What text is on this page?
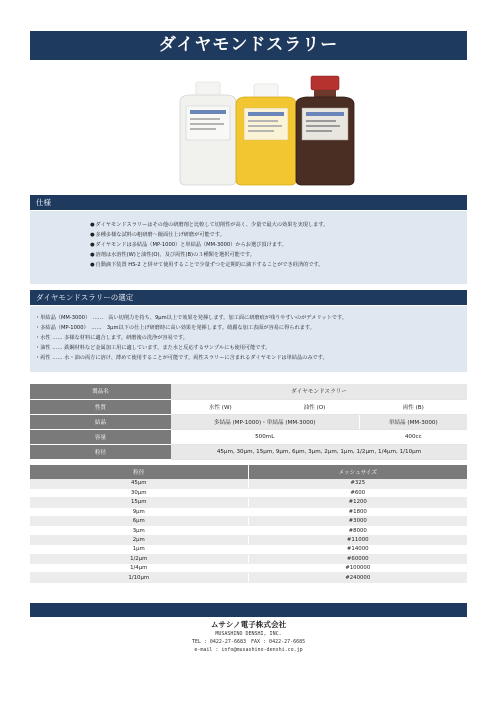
ダイヤモンドスラリー
仕様
●ダイヤモンドスラリーはその他の研磨剤と比較して切削性が高く、少量で最大の効果を実現します。
●多種多様な試料の粗研磨～鏡面仕上げ研磨が可能です。
●ダイヤモンドは多結晶（MP-1000）と単結晶（MM-3000）からお選び頂けます。
●溶剤は水溶性(W)と油性(O)、及び両性(B)の３種類を選択可能です。
●自動滴下装置 HS-2 と併せて使用することで少量ずつを定期的に滴下することができ経済的です。
ダイヤモンドスラリーの選定
・単結晶（MM-3000）　……　高い切削力を持ち、9μm以上で効果を発揮します。加工面に研磨痕が残りやすいのがデメリットです。
・多結晶（MP-1000）　……　3μm以下の仕上げ研磨時に高い効果を発揮します。綺麗な加工表面が容易に得られます。
・水性 …… 多様な材料に適合します。研磨後の洗浄が容易です。
・油性 …… 鉄鋼材料など金属加工用に適しています。また水と反応するサンプルにも使用可能です。
・両性 …… 水・油の両方に溶け、薄めて使用することが可能です。両性スラリーに含まれるダイヤモンドは単結晶のみです。
製品名	ダイヤモンドスラリー		
性質	水性 (W)	油性 (O)	両性 (B)
結晶	多結晶 (MP-1000)・単結晶 (MM-3000)		単結晶 (MM-3000)
容量	500mL		400cc
粒径	45μm, 30μm, 15μm, 9μm, 6μm, 3μm, 2μm, 1μm, 1/2μm, 1/4μm, 1/10μm		
粒径	メッシュサイズ
45μm	#325
30μm	#600
15μm	#1200
9μm	#1800
6μm	#3000
3μm	#8000
2μm	#11000
1μm	#14000
1/2μm	#60000
1/4μm	#100000
1/10μm	#240000
ムサシノ電子株式会社
MUSASHINO DENSHI, INC.
TEL : 0422-27-6683　FAX : 0422-27-6685
e-mail : info@musashino-denshi.co.jp
